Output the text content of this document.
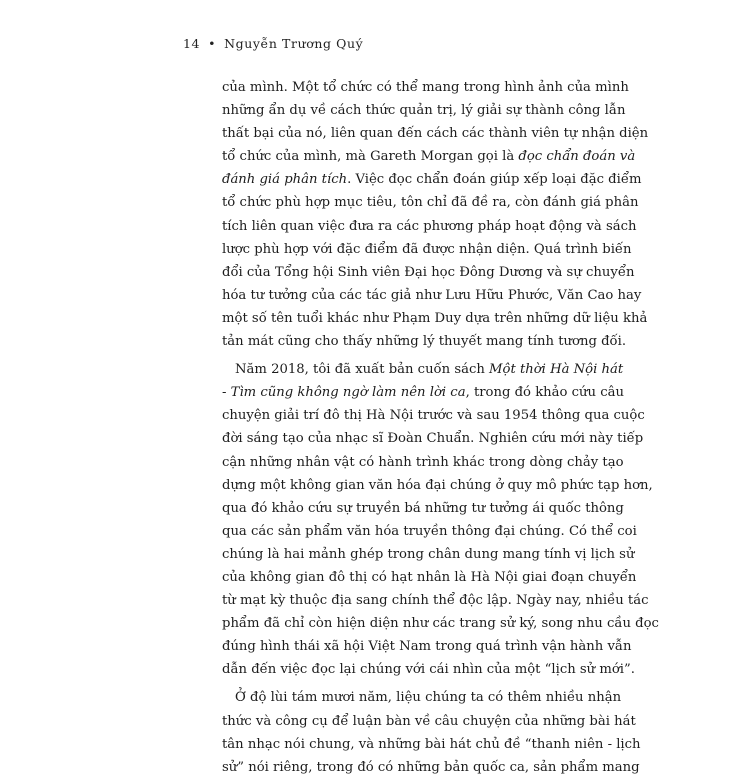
14 • Nguyễn Trương Quý
của mình. Một tổ chức có thể mang trong hình ảnh của mình
những ẩn dụ về cách thức quản trị, lý giải sự thành công lẫn
thất bại của nó, liên quan đến cách các thành viên tự nhận diện
tổ chức của mình, mà Gareth Morgan gọi là đọc chẩn đoán và
đánh giá phân tích. Việc đọc chẩn đoán giúp xếp loại đặc điểm
tổ chức phù hợp mục tiêu, tôn chỉ đã đề ra, còn đánh giá phân
tích liên quan việc đưa ra các phương pháp hoạt động và sách
lược phù hợp với đặc điểm đã được nhận diện. Quá trình biến
đổi của Tổng hội Sinh viên Đại học Đông Dương và sự chuyển
hóa tư tưởng của các tác giả như Lưu Hữu Phước, Văn Cao hay
một số tên tuổi khác như Phạm Duy dựa trên những dữ liệu khả
tản mát cũng cho thấy những lý thuyết mang tính tương đối.
Năm 2018, tôi đã xuất bản cuốn sách Một thời Hà Nội hát
- Tìm cũng không ngờ làm nên lời ca, trong đó khảo cứu câu
chuyện giải trí đô thị Hà Nội trước và sau 1954 thông qua cuộc
đời sáng tạo của nhạc sĩ Đoàn Chuẩn. Nghiên cứu mới này tiếp
cận những nhân vật có hành trình khác trong dòng chảy tạo
dựng một không gian văn hóa đại chúng ở quy mô phức tạp hơn,
qua đó khảo cứu sự truyền bá những tư tưởng ái quốc thông
qua các sản phẩm văn hóa truyền thông đại chúng. Có thể coi
chúng là hai mảnh ghép trong chân dung mang tính vị lịch sử
của không gian đô thị có hạt nhân là Hà Nội giai đoạn chuyển
từ mạt kỳ thuộc địa sang chính thể độc lập. Ngày nay, nhiều tác
phẩm đã chỉ còn hiện diện như các trang sử ký, song nhu cầu đọc
đúng hình thái xã hội Việt Nam trong quá trình vận hành vẫn
dẫn đến việc đọc lại chúng với cái nhìn của một “lịch sử mới”.
Ở độ lùi tám mươi năm, liệu chúng ta có thêm nhiều nhận
thức và công cụ để luận bàn về câu chuyện của những bài hát
tân nhạc nói chung, và những bài hát chủ đề “thanh niên - lịch
sử” nói riêng, trong đó có những bản quốc ca, sản phẩm mang
